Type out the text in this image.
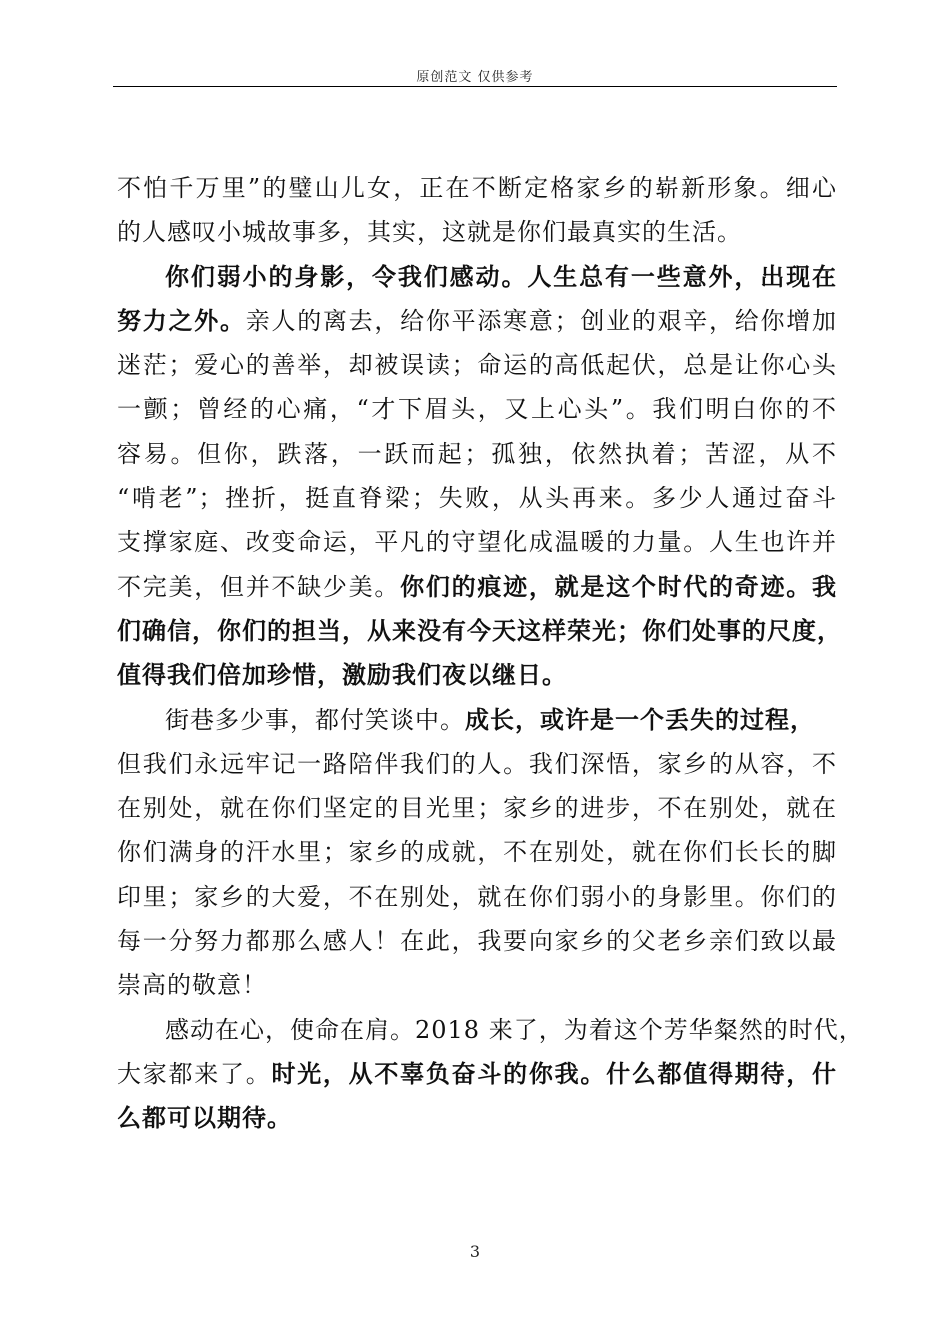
原创范文 仅供参考
不怕千万里”的璧山儿女，正在不断定格家乡的崭新形象。细心
的人感叹小城故事多，其实，这就是你们最真实的生活。
你们弱小的身影，令我们感动。人生总有一些意外，出现在
努力之外。亲人的离去，给你平添寒意；创业的艰辛，给你增加
迷茫；爱心的善举，却被误读；命运的高低起伏，总是让你心头
一颤；曾经的心痛，“才下眉头，又上心头”。我们明白你的不
容易。但你，跌落，一跃而起；孤独，依然执着；苦涩，从不
“啃老”；挫折，挺直脊梁；失败，从头再来。多少人通过奋斗
支撑家庭、改变命运，平凡的守望化成温暖的力量。人生也许并
不完美，但并不缺少美。你们的痕迹，就是这个时代的奇迹。我
们确信，你们的担当，从来没有今天这样荣光；你们处事的尺度，
值得我们倍加珍惜，激励我们夜以继日。
街巷多少事，都付笑谈中。成长，或许是一个丢失的过程，
但我们永远牢记一路陪伴我们的人。我们深悟，家乡的从容，不
在别处，就在你们坚定的目光里；家乡的进步，不在别处，就在
你们满身的汗水里；家乡的成就，不在别处，就在你们长长的脚
印里；家乡的大爱，不在别处，就在你们弱小的身影里。你们的
每一分努力都那么感人！在此，我要向家乡的父老乡亲们致以最
崇高的敬意！
感动在心，使命在肩。2018 来了，为着这个芳华粲然的时代，
大家都来了。时光，从不辜负奋斗的你我。什么都值得期待，什
么都可以期待。
3
